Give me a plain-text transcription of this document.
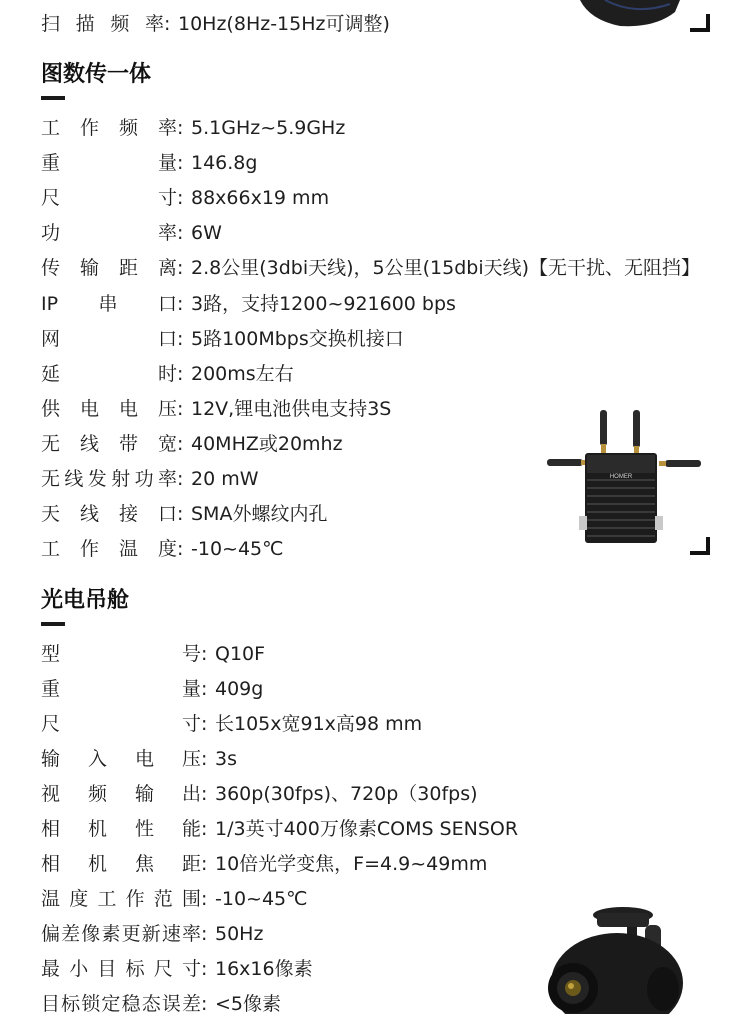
扫描频率: 10Hz(8Hz-15Hz可调整)
图数传一体
工作频率: 5.1GHz~5.9GHz
重量: 146.8g
尺寸: 88x66x19 mm
功率: 6W
传输距离: 2.8公里(3dbi天线)，5公里(15dbi天线)【无干扰、无阻挡】
IP串口: 3路，支持1200~921600 bps
网口: 5路100Mbps交换机接口
延时: 200ms左右
供电电压: 12V,锂电池供电支持3S
无线带宽: 40MHZ或20mhz
无线发射功率: 20 mW
天线接口: SMA外螺纹内孔
工作温度: -10~45℃
HOMER
光电吊舱
型号: Q10F
重量: 409g
尺寸: 长105x宽91x高98 mm
输入电压: 3s
视频输出: 360p(30fps)、720p（30fps)
相机性能: 1/3英寸400万像素COMS SENSOR
相机焦距: 10倍光学变焦，F=4.9~49mm
温度工作范围: -10~45℃
偏差像素更新速率: 50Hz
最小目标尺寸: 16x16像素
目标锁定稳态误差: <5像素
